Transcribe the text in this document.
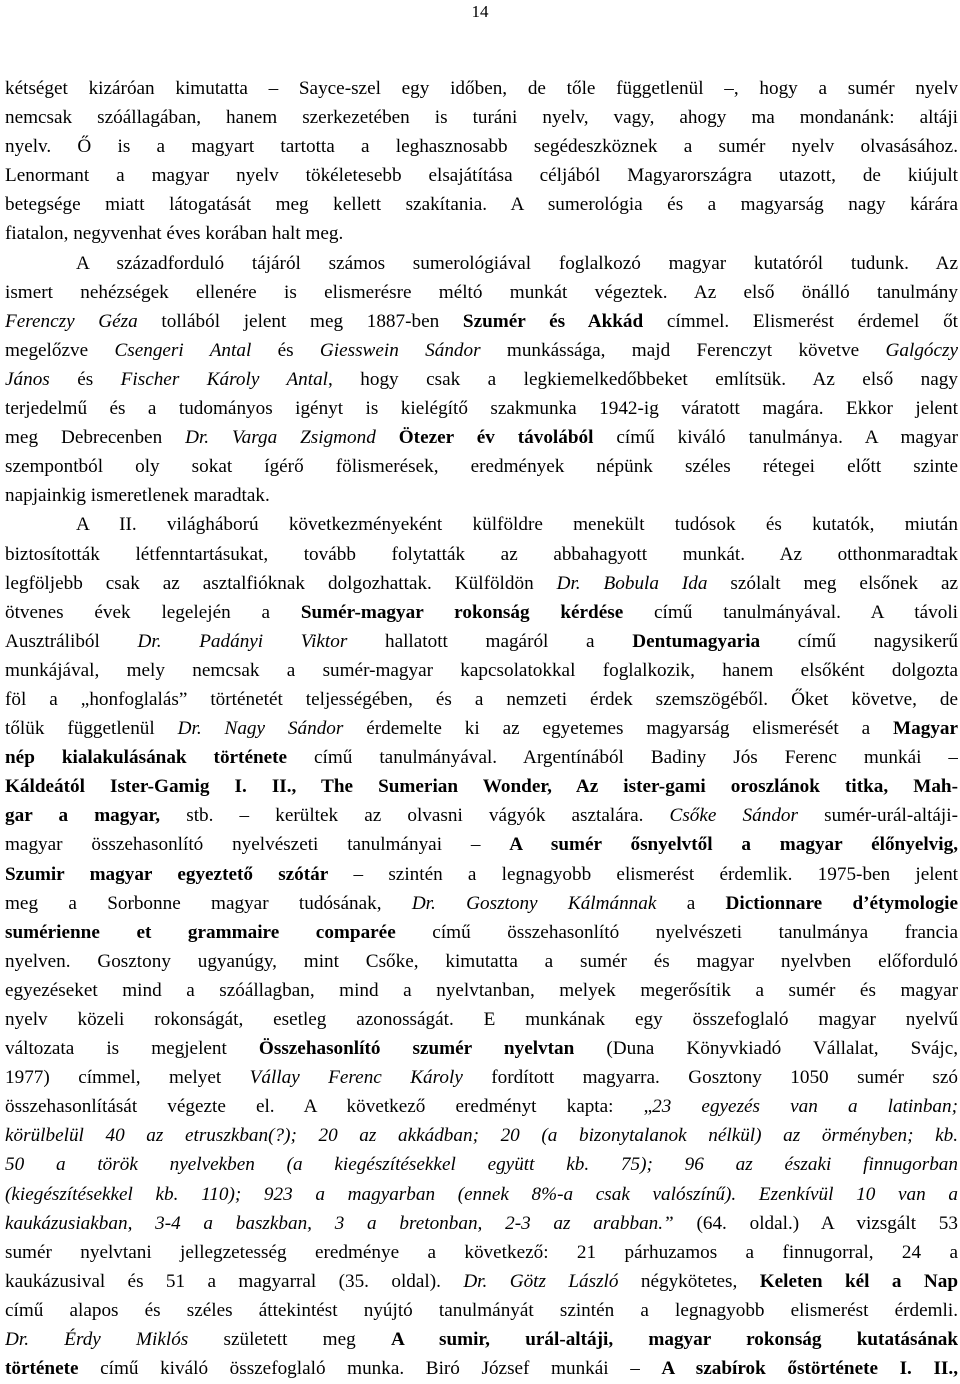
14
kétséget kizáróan kimutatta – Sayce-szel egy időben, de tőle függetlenül –, hogy a sumér nyelv
nemcsak szóállagában, hanem szerkezetében is turáni nyelv, vagy, ahogy ma mondanánk: altáji
nyelv. Ő is a magyart tartotta a leghasznosabb segédeszköznek a sumér nyelv olvasásához.
Lenormant a magyar nyelv tökéletesebb elsajátítása céljából Magyarországra utazott, de kiújult
betegsége miatt látogatását meg kellett szakítania. A sumerológia és a magyarság nagy kárára
fiatalon, negyvenhat éves korában halt meg.
A századforduló tájáról számos sumerológiával foglalkozó magyar kutatóról tudunk. Az
ismert nehézségek ellenére is elismerésre méltó munkát végeztek. Az első önálló tanulmány
Ferenczy Géza tollából jelent meg 1887-ben Szumér és Akkád címmel. Elismerést érdemel őt
megelőzve Csengeri Antal és Giesswein Sándor munkássága, majd Ferenczyt követve Galgóczy
János és Fischer Károly Antal, hogy csak a legkiemelkedőbbeket említsük. Az első nagy
terjedelmű és a tudományos igényt is kielégítő szakmunka 1942-ig váratott magára. Ekkor jelent
meg Debrecenben Dr. Varga Zsigmond Ötezer év távolából című kiváló tanulmánya. A magyar
szempontból oly sokat ígérő fölismerések, eredmények népünk széles rétegei előtt szinte
napjainkig ismeretlenek maradtak.
A II. világháború következményeként külföldre menekült tudósok és kutatók, miután
biztosították létfenntartásukat, tovább folytatták az abbahagyott munkát. Az otthonmaradtak
legföljebb csak az asztalfióknak dolgozhattak. Külföldön Dr. Bobula Ida szólalt meg elsőnek az
ötvenes évek legelején a Sumér-magyar rokonság kérdése című tanulmányával. A távoli
Ausztráliból Dr. Padányi Viktor hallatott magáról a Dentumagyaria című nagysikerű
munkájával, mely nemcsak a sumér-magyar kapcsolatokkal foglalkozik, hanem elsőként dolgozta
föl a „honfoglalás” történetét teljességében, és a nemzeti érdek szemszögéből. Őket követve, de
tőlük függetlenül Dr. Nagy Sándor érdemelte ki az egyetemes magyarság elismerését a Magyar
nép kialakulásának története című tanulmányával. Argentínából Badiny Jós Ferenc munkái –
Káldeától Ister-Gamig I. II., The Sumerian Wonder, Az ister-gami oroszlánok titka, Mah-
gar a magyar, stb. – kerültek az olvasni vágyók asztalára. Csőke Sándor sumér-urál-altáji-
magyar összehasonlító nyelvészeti tanulmányai – A sumér ősnyelvtől a magyar élőnyelvig,
Szumir magyar egyeztető szótár – szintén a legnagyobb elismerést érdemlik. 1975-ben jelent
meg a Sorbonne magyar tudósának, Dr. Gosztony Kálmánnak a Dictionnare d’étymologie
sumérienne et grammaire comparée című összehasonlító nyelvészeti tanulmánya francia
nyelven. Gosztony ugyanúgy, mint Csőke, kimutatta a sumér és magyar nyelvben előforduló
egyezéseket mind a szóállagban, mind a nyelvtanban, melyek megerősítik a sumér és magyar
nyelv közeli rokonságát, esetleg azonosságát. E munkának egy összefoglaló magyar nyelvű
változata is megjelent Összehasonlító szumér nyelvtan (Duna Könyvkiadó Vállalat, Svájc,
1977) címmel, melyet Vállay Ferenc Károly fordított magyarra. Gosztony 1050 sumér szó
összehasonlítását végezte el. A következő eredményt kapta: „23 egyezés van a latinban;
körülbelül 40 az etruszkban(?); 20 az akkádban; 20 (a bizonytalanok nélkül) az örményben; kb.
50 a török nyelvekben (a kiegészítésekkel együtt kb. 75); 96 az északi finnugorban
(kiegészítésekkel kb. 110); 923 a magyarban (ennek 8%-a csak valószínű). Ezenkívül 10 van a
kaukázusiakban, 3-4 a baszkban, 3 a bretonban, 2-3 az arabban.” (64. oldal.) A vizsgált 53
sumér nyelvtani jellegzetesség eredménye a következő: 21 párhuzamos a finnugorral, 24 a
kaukázusival és 51 a magyarral (35. oldal). Dr. Götz László négykötetes, Keleten kél a Nap
című alapos és széles áttekintést nyújtó tanulmányát szintén a legnagyobb elismerést érdemli.
Dr. Érdy Miklós született meg A sumir, urál-altáji, magyar rokonság kutatásának
története című kiváló összefoglaló munka. Biró József munkái – A szabírok őstörténete I. II.,
